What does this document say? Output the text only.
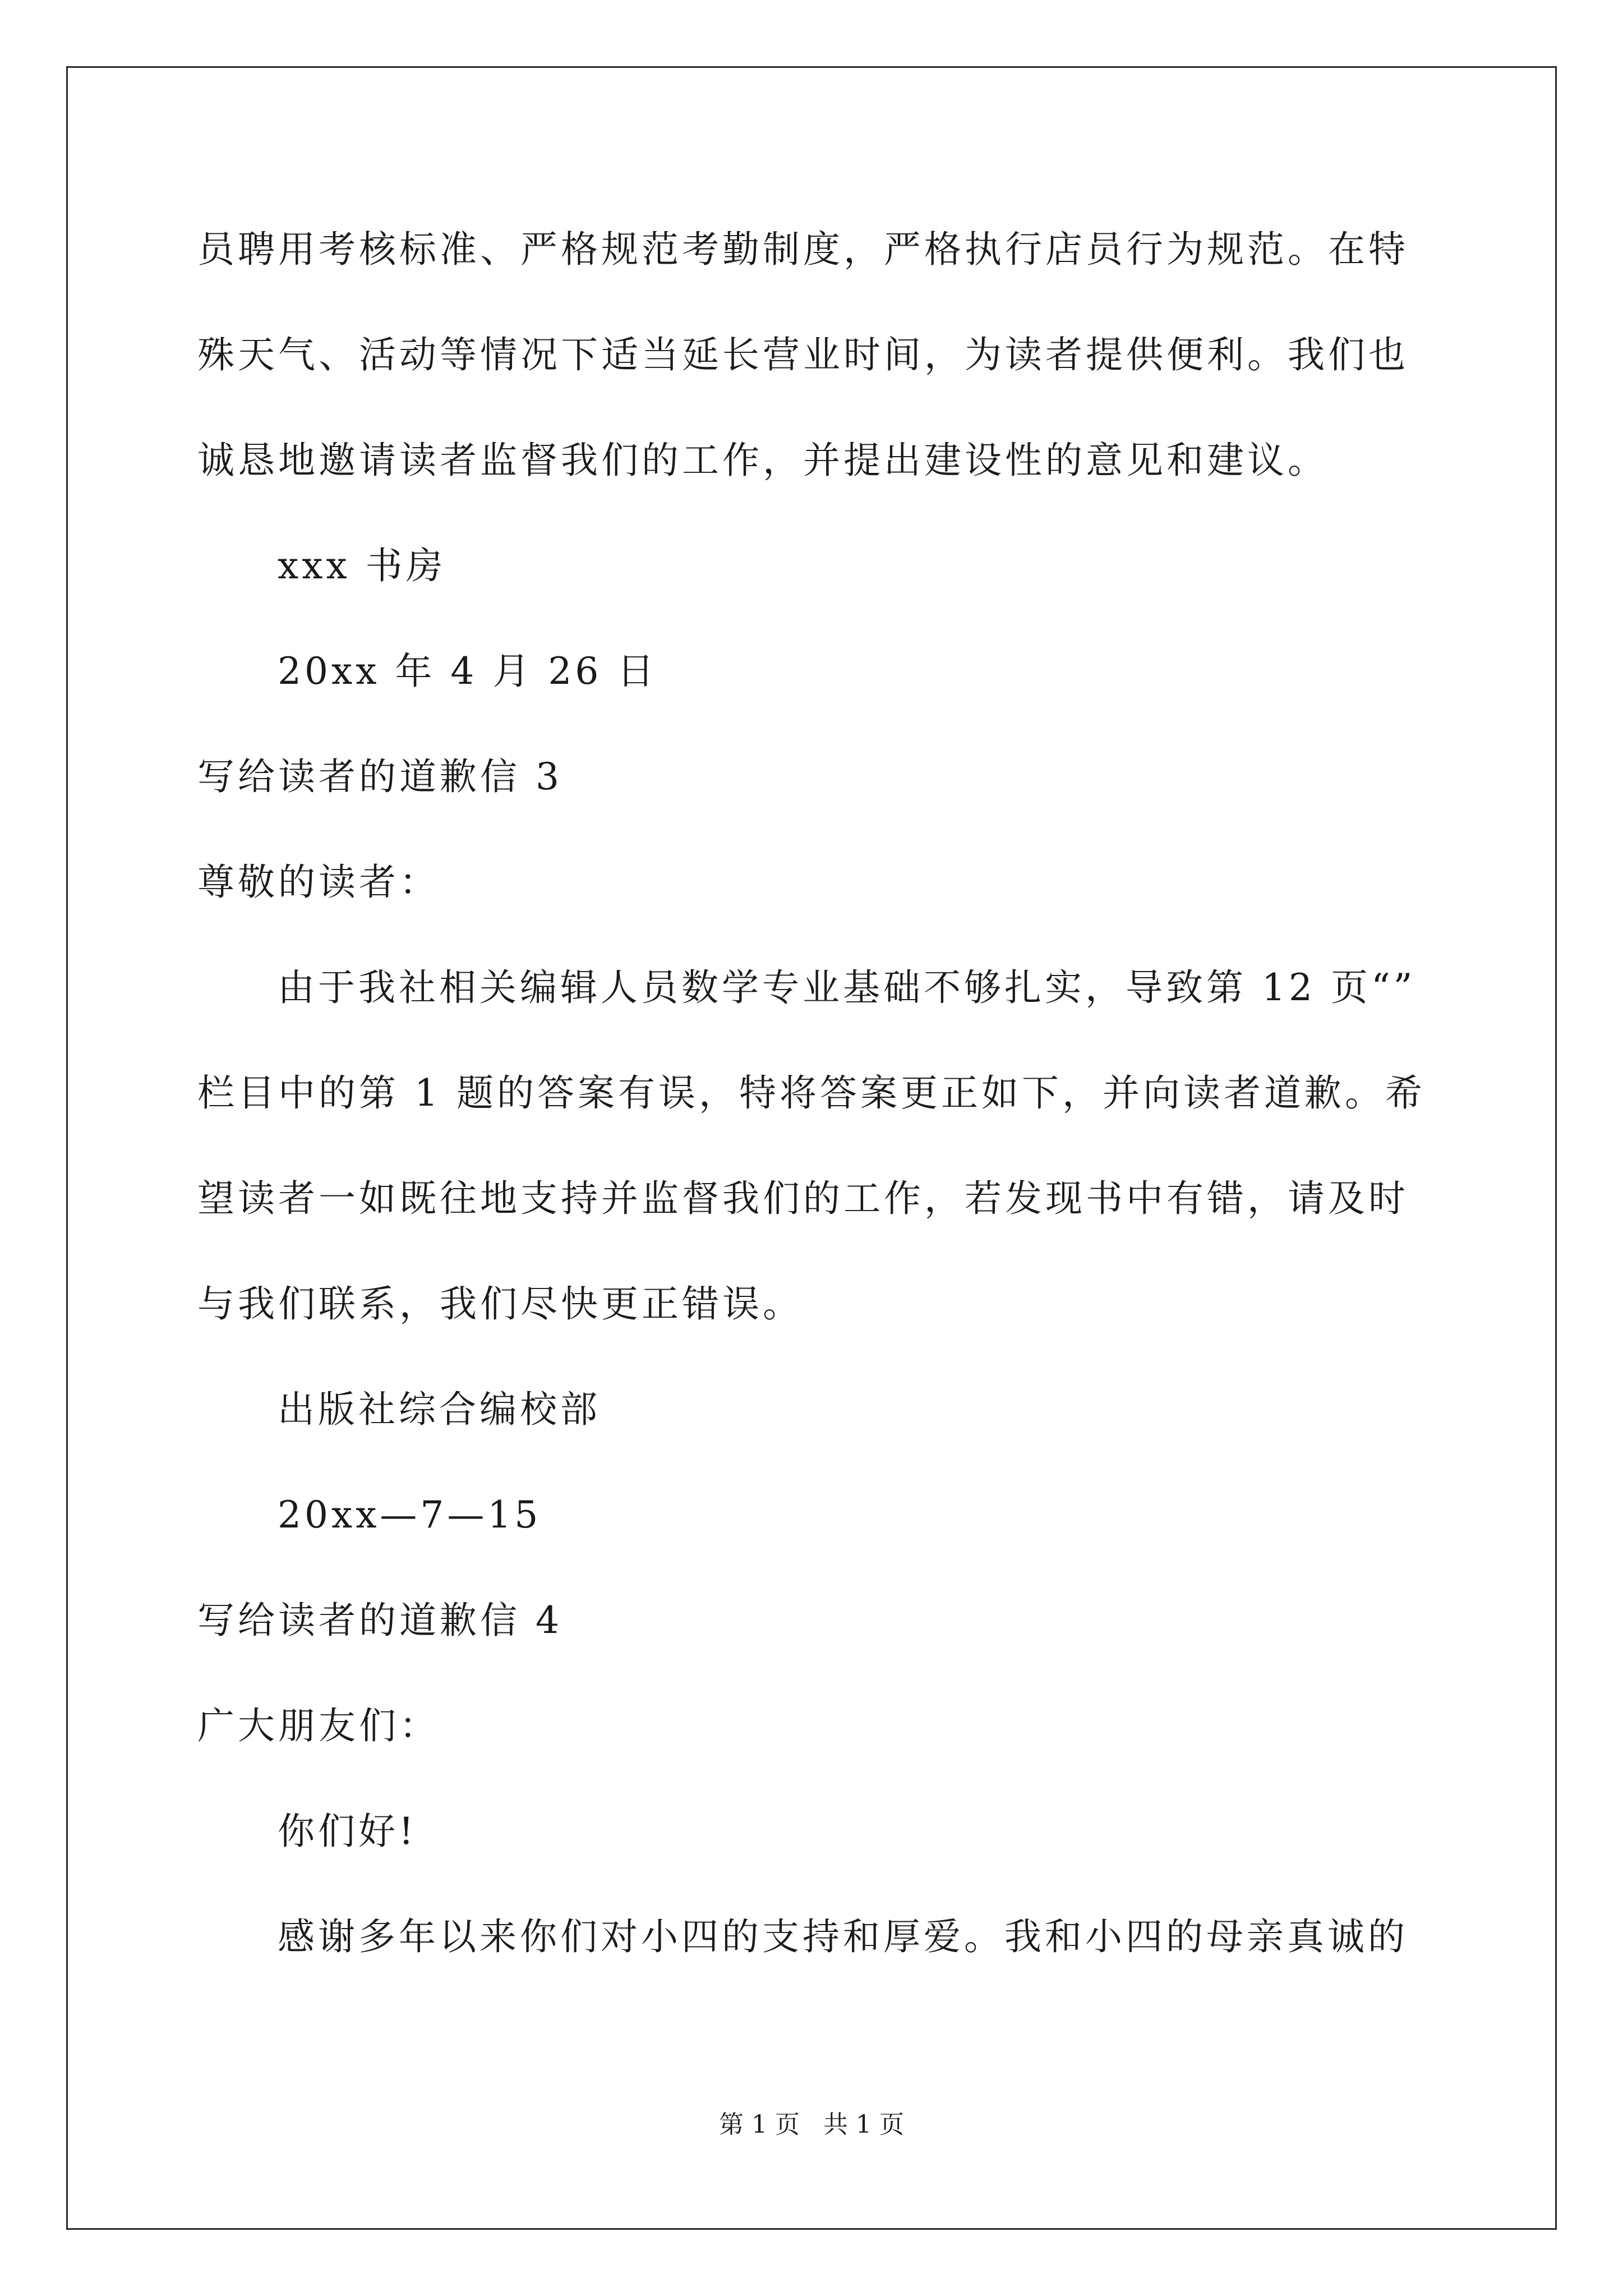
员聘用考核标准、严格规范考勤制度，严格执行店员行为规范。在特
殊天气、活动等情况下适当延长营业时间，为读者提供便利。我们也
诚恳地邀请读者监督我们的工作，并提出建设性的意见和建议。
xxx 书房
20xx 年 4 月 26 日
写给读者的道歉信 3
尊敬的读者：
由于我社相关编辑人员数学专业基础不够扎实，导致第 12 页“”
栏目中的第 1 题的答案有误，特将答案更正如下，并向读者道歉。希
望读者一如既往地支持并监督我们的工作，若发现书中有错，请及时
与我们联系，我们尽快更正错误。
出版社综合编校部
20xx—7—15
写给读者的道歉信 4
广大朋友们：
你们好!
感谢多年以来你们对小四的支持和厚爱。我和小四的母亲真诚的
第 1 页   共 1 页
